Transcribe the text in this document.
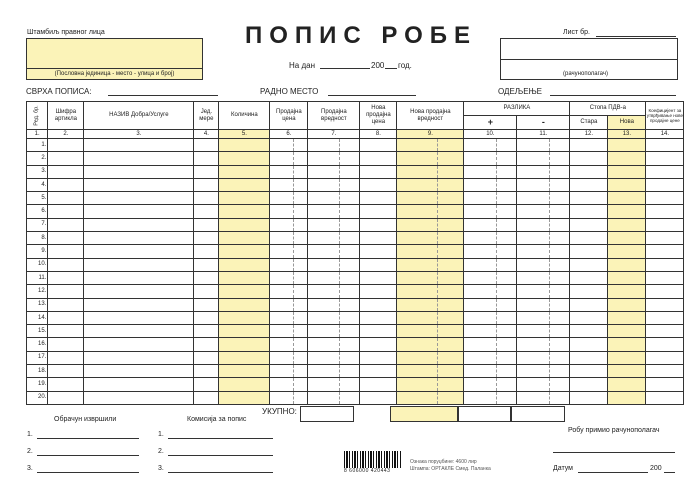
Штамбиљ правног лица
(Пословна јединица - место - улица и број)
ПОПИС РОБЕ
На дан	200 год.
Лист бр.
(рачунополагач)
СВРХА ПОПИСА:	РАДНО МЕСТО	ОДЕЉЕЊЕ
Ред. бр.	Шифра артикла	НАЗИВ Добра/Услуге	Јед. мере	Количина	Продајна цена	Продајна вредност	Нова продајна цена	Нова продајна вредност	РАЗЛИКА		Стопа ПДВ-а		Коефицијент за утврђивање нове продајне цене
									+	-	Стара	Нова	
1.	2.	3.	4.	5.	6.	7.	8.	9.	10.	11.	12.	13.	14.
1.					

2.					

3.					

4.					

5.					

6.					

7.					

8.					

9.					

10.					

11.					

12.					

13.					

14.					

15.					

16.					

17.					

18.					

19.					

20.					

УКУПНО:
Обрачун извршили	Комисија за попис
1.
2.
3.
1.
2.
3.	8 606000 420443
Ознака поруџбине: 4600 лир
Штампа: ОРТАКЛЕ Смед. Паланка
Робу примио рачунополагач
Датум	200
